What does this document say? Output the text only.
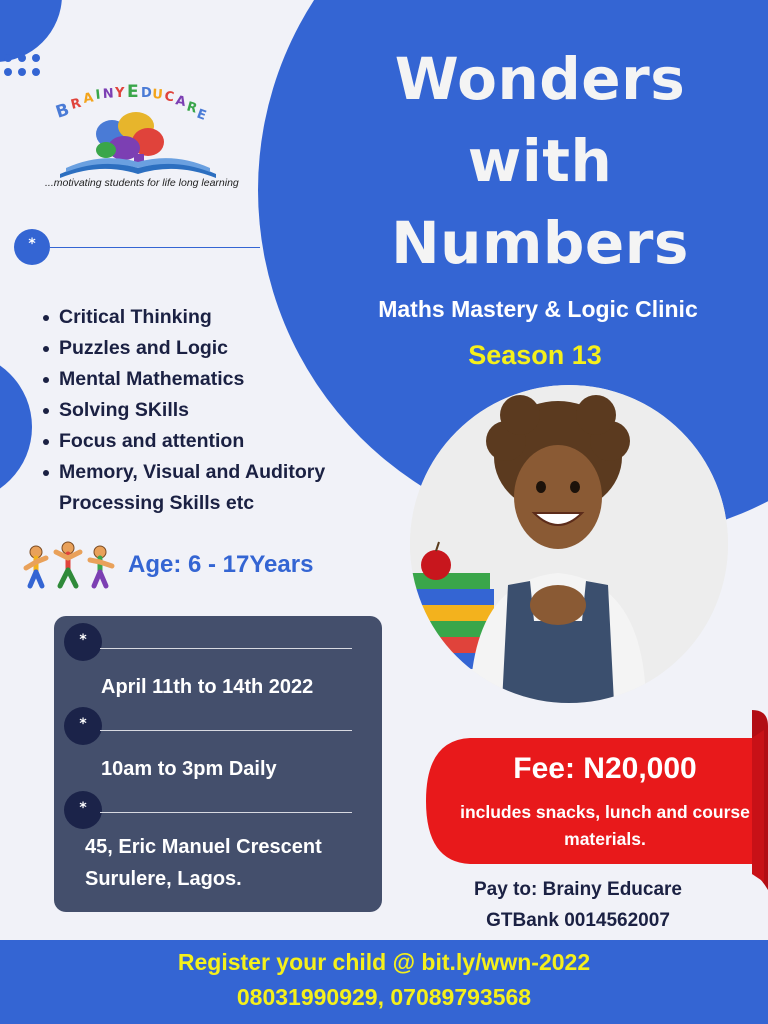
B
R A I N Y E D U C A
R
E
...motivating students for life long learning
*
Wonders
with
Numbers
Maths Mastery & Logic Clinic
Season 13
Critical Thinking
Puzzles and Logic
Mental Mathematics
Solving SKills
Focus and attention
Memory, Visual and Auditory Processing Skills etc
Age: 6 - 17Years
*
April 11th to 14th 2022
*
10am to 3pm Daily
*
45, Eric Manuel Crescent
Surulere, Lagos.
Fee: N20,000
includes snacks, lunch and course materials.
Pay to: Brainy Educare
GTBank 0014562007
Register your child @ bit.ly/wwn-2022
08031990929, 07089793568
